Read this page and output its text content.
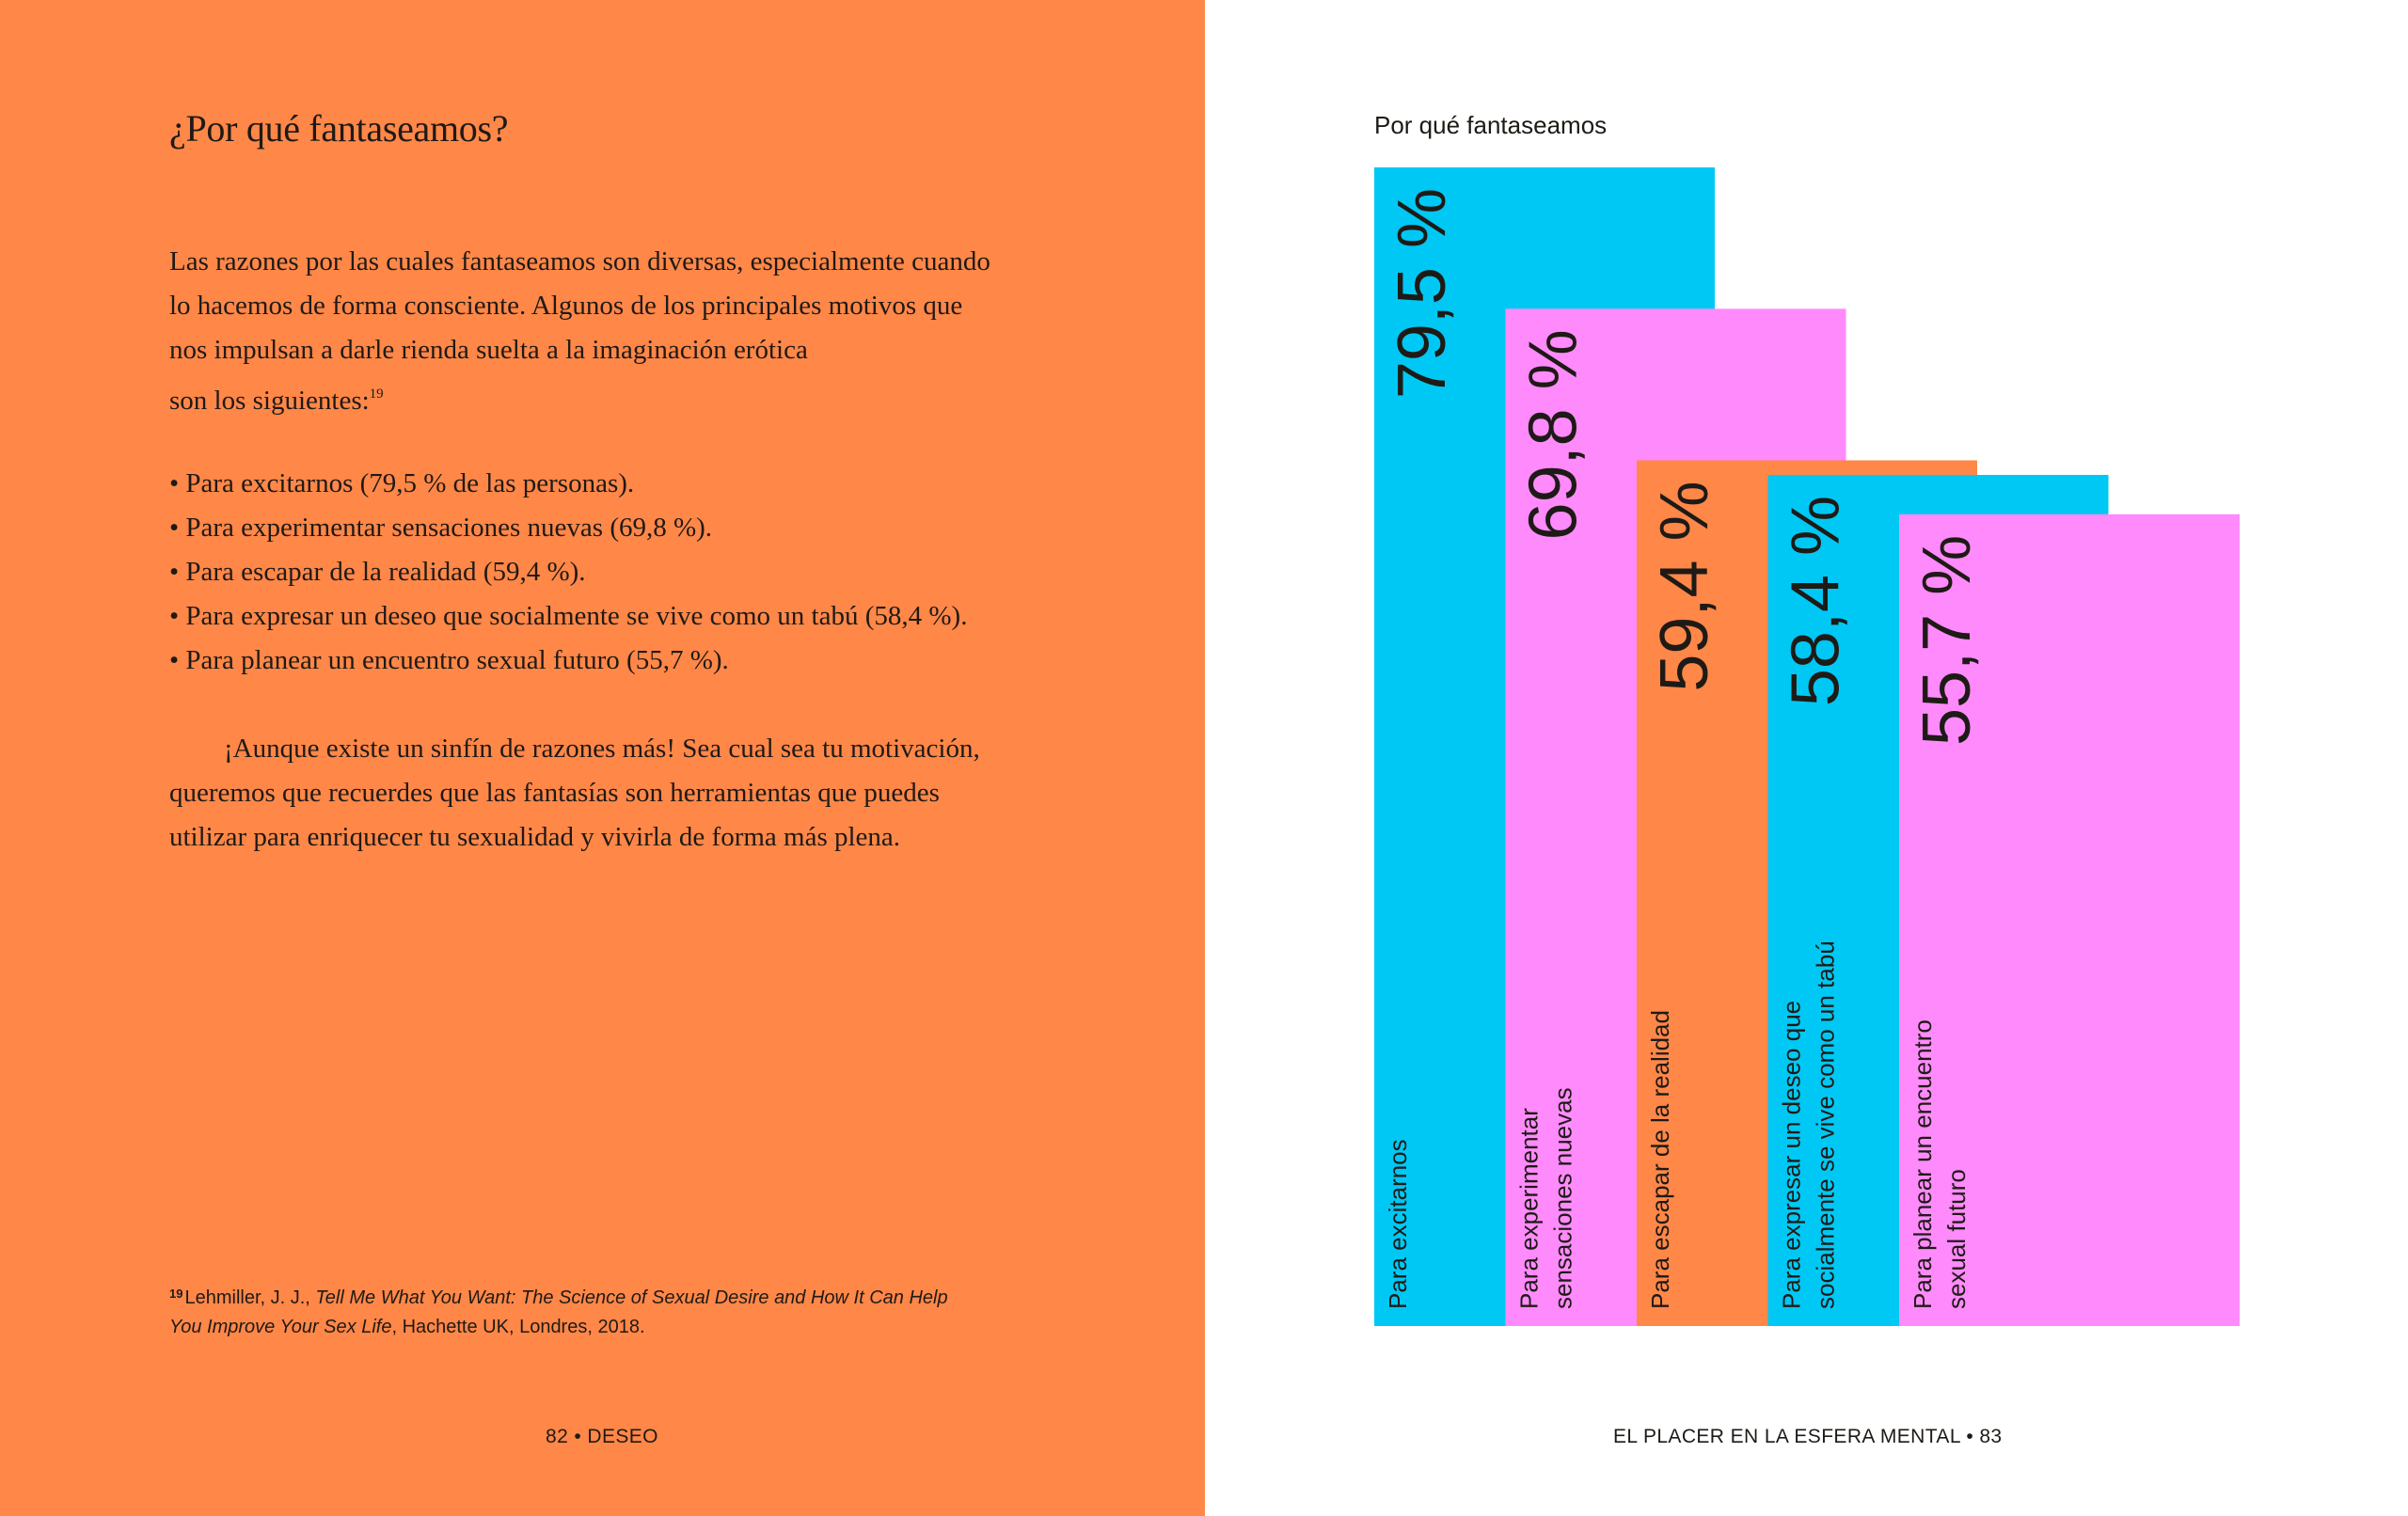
¿Por qué fantaseamos?

Las razones por las cuales fantaseamos son diversas, especialmente cuando
lo hacemos de forma consciente. Algunos de los principales motivos que
nos impulsan a darle rienda suelta a la imaginación erótica
son los siguientes:$^{19}$

• Para excitarnos (79,5 % de las personas).
• Para experimentar sensaciones nuevas (69,8 %).
• Para escapar de la realidad (59,4 %).
• Para expresar un deseo que socialmente se vive como un tabú (58,4 %).
• Para planear un encuentro sexual futuro (55,7 %).

¡Aunque existe un sinfín de razones más! Sea cual sea tu motivación,
queremos que recuerdes que las fantasías son herramientas que puedes
utilizar para enriquecer tu sexualidad y vivirla de forma más plena.

$^{19}$ Lehmiller, J. J., Tell Me What You Want: The Science of Sexual Desire and How It Can Help
You Improve Your Sex Life, Hachette UK, Londres, 2018.

82 • DESEO	EL PLACER EN LA ESFERA MENTAL • 83
Por qué fantaseamos
79,5 %
69,8 %
59,4 % 58,4 % 55,7 %
Para excitarnos	Para experimentar sensaciones nuevas	Para escapar de la realidad	Para expresar un deseo que socialmente se vive como un tabú	Para planear un encuentro sexual futuro
